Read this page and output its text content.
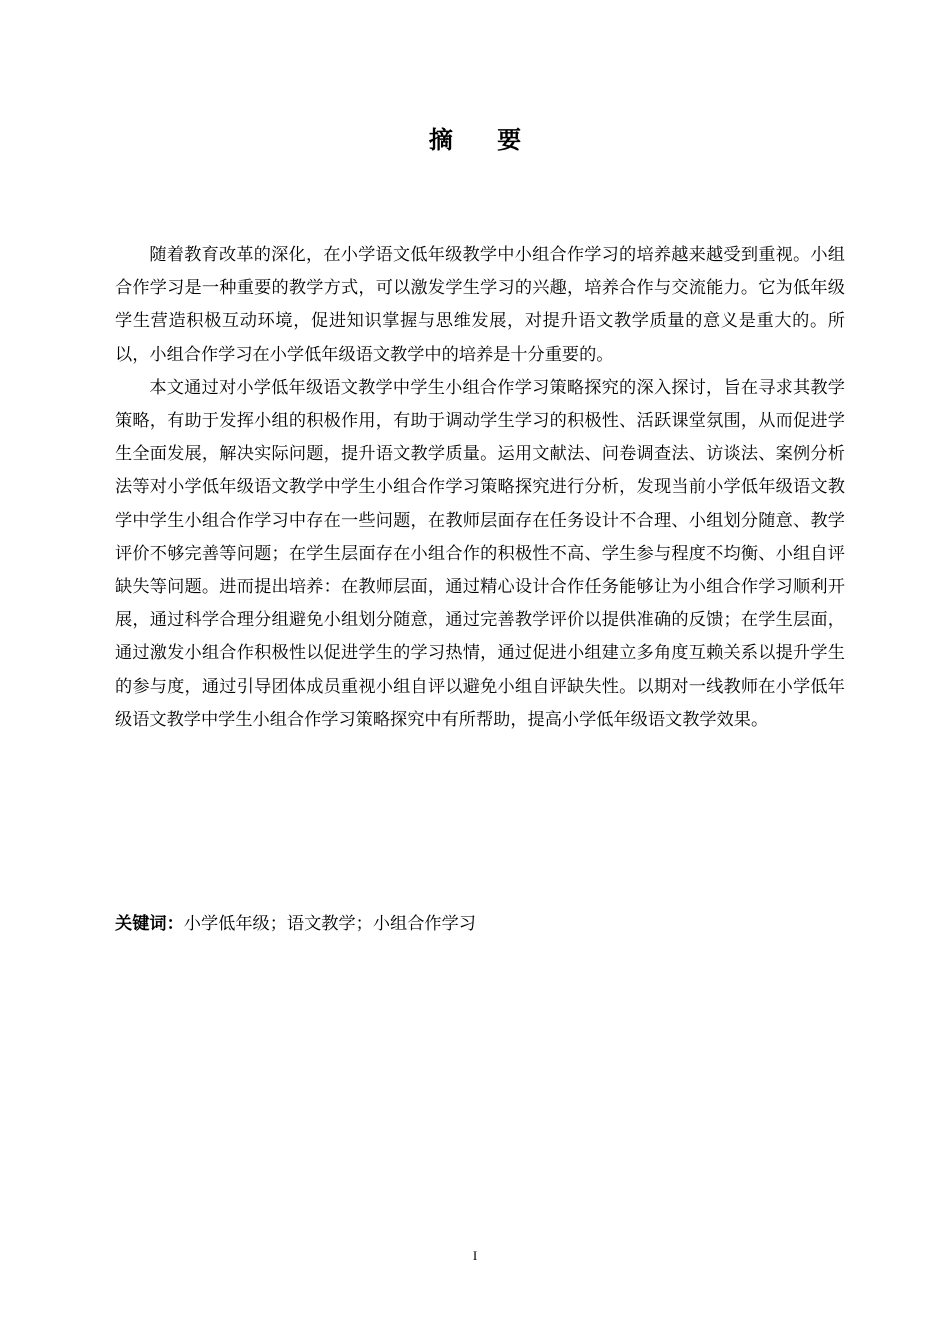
摘 要

随着教育改革的深化，在小学语文低年级教学中小组合作学习的培养越来越受到重视。小组合作学习是一种重要的教学方式，可以激发学生学习的兴趣，培养合作与交流能力。它为低年级学生营造积极互动环境，促进知识掌握与思维发展，对提升语文教学质量的意义是重大的。所以，小组合作学习在小学低年级语文教学中的培养是十分重要的。

本文通过对小学低年级语文教学中学生小组合作学习策略探究的深入探讨，旨在寻求其教学策略，有助于发挥小组的积极作用，有助于调动学生学习的积极性、活跃课堂氛围，从而促进学生全面发展，解决实际问题，提升语文教学质量。运用文献法、问卷调查法、访谈法、案例分析法等对小学低年级语文教学中学生小组合作学习策略探究进行分析，发现当前小学低年级语文教学中学生小组合作学习中存在一些问题，在教师层面存在任务设计不合理、小组划分随意、教学评价不够完善等问题；在学生层面存在小组合作的积极性不高、学生参与程度不均衡、小组自评缺失等问题。进而提出培养：在教师层面，通过精心设计合作任务能够让为小组合作学习顺利开展，通过科学合理分组避免小组划分随意，通过完善教学评价以提供准确的反馈；在学生层面，通过激发小组合作积极性以促进学生的学习热情，通过促进小组建立多角度互赖关系以提升学生的参与度，通过引导团体成员重视小组自评以避免小组自评缺失性。以期对一线教师在小学低年级语文教学中学生小组合作学习策略探究中有所帮助，提高小学低年级语文教学效果。

关键词：小学低年级；语文教学；小组合作学习
I
